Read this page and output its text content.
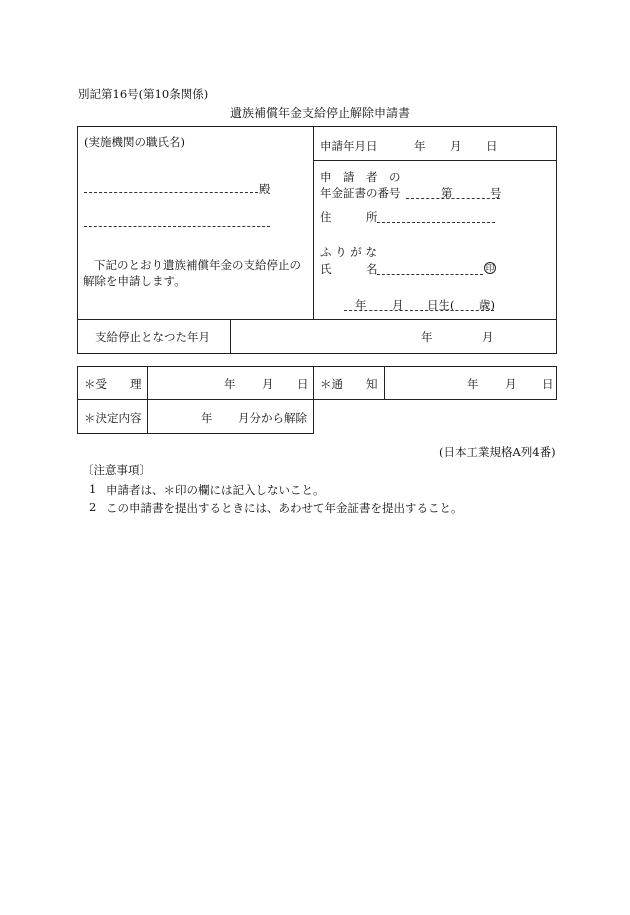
別記第16号(第10条関係)
遺族補償年金支給停止解除申請書
(実施機関の職氏名)
殿
下記のとおり遺族補償年金の支給停止の解除を申請します。
申請年月日	年 月 日
申　請　者　の
年金証書の番号	第	号
住　　　所
ふ り が な
氏　　　名	印
年 月 日生( 歳)
支給停止となつた年月	年	月
＊受　　理	年 月 日 ＊通　　知	年 月 日
＊決定内容	年 月分から解除
(日本工業規格A列4番)
〔注意事項〕
1 申請者は、＊印の欄には記入しないこと。
2 この申請書を提出するときには、あわせて年金証書を提出すること。
